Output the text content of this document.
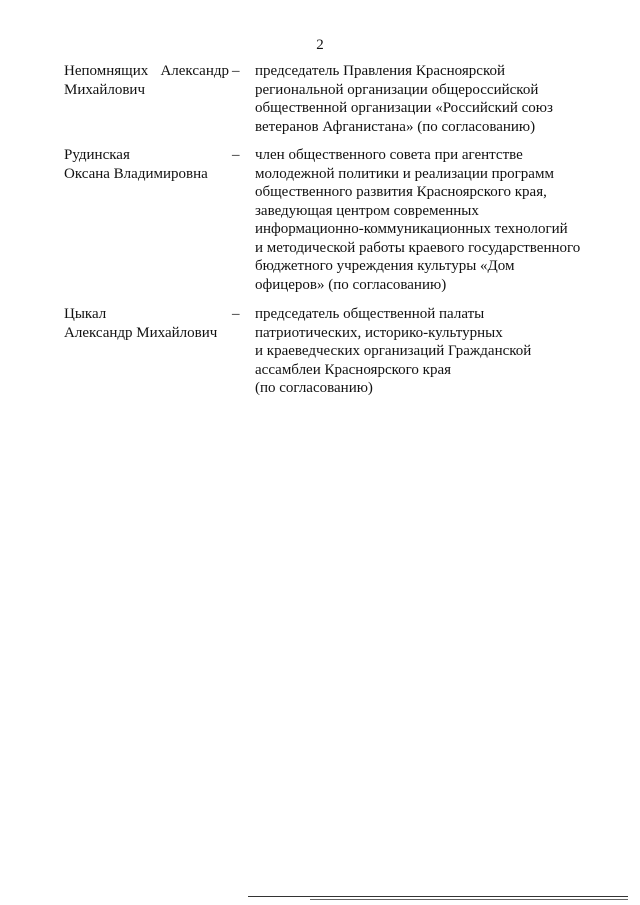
2
Непомнящих Александр
Михайлович
– председатель Правления Красноярской
региональной организации общероссийской
общественной организации «Российский союз
ветеранов Афганистана» (по согласованию)
Рудинская
Оксана Владимировна
– член общественного совета при агентстве
молодежной политики и реализации программ
общественного развития Красноярского края,
заведующая центром современных
информационно-коммуникационных технологий
и методической работы краевого государственного
бюджетного учреждения культуры «Дом
офицеров» (по согласованию)
Цыкал
Александр Михайлович
– председатель общественной палаты
патриотических, историко-культурных
и краеведческих организаций Гражданской
ассамблеи Красноярского края
(по согласованию)
